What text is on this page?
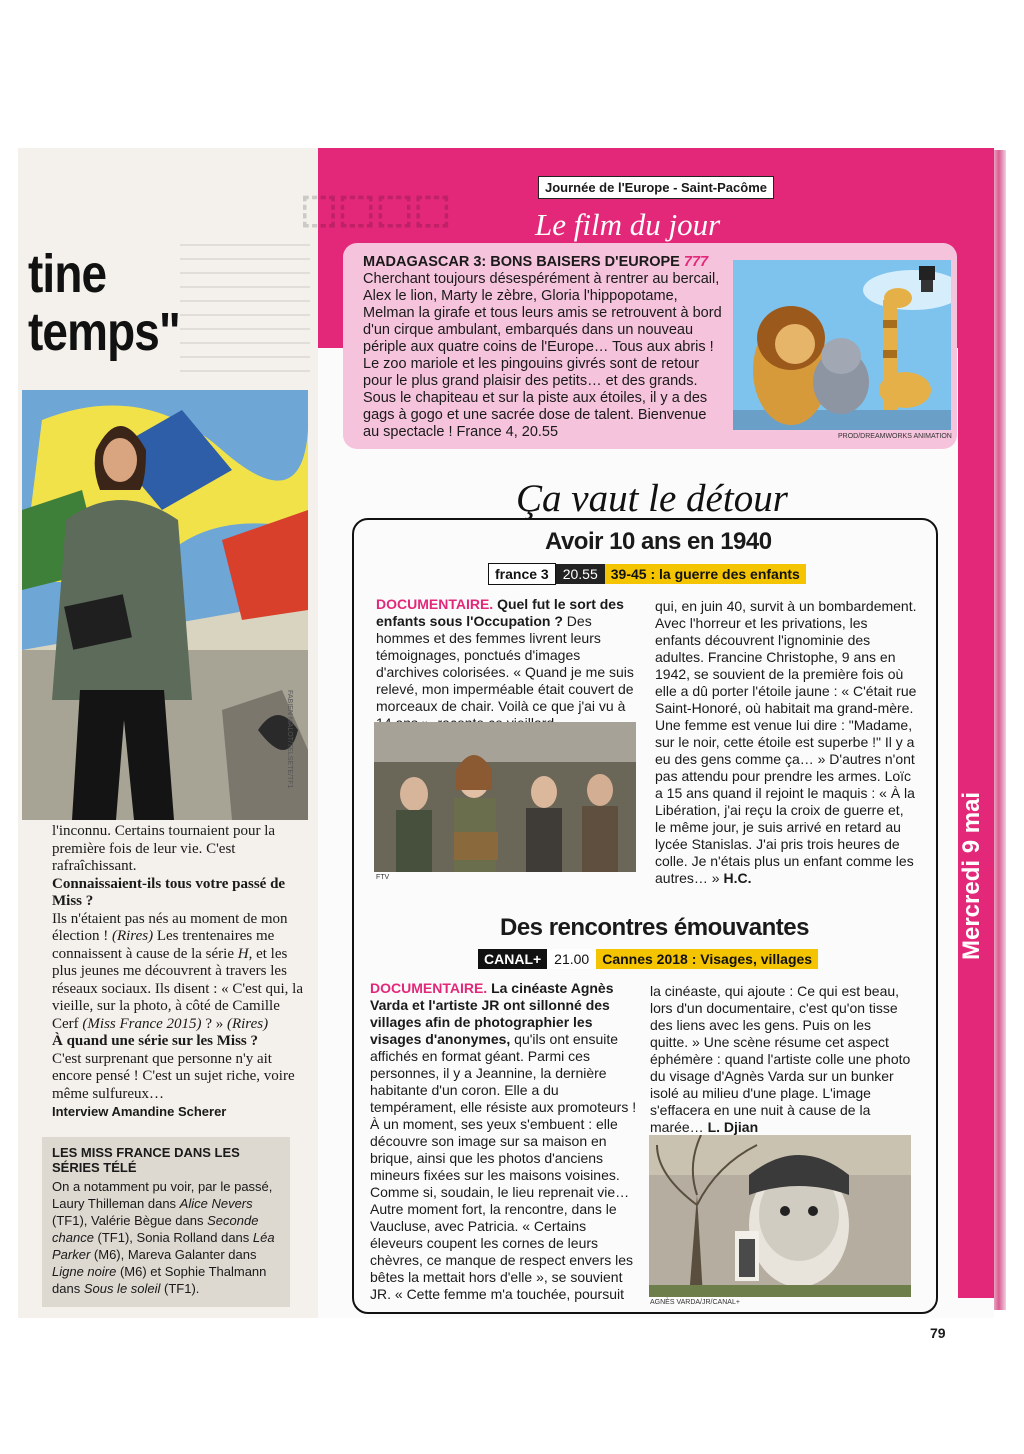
⬚⬚⬚⬚
tine
temps"
FABIEN MALOT/TELSETE/TF1
l'inconnu. Certains tournaient pour la première fois de leur vie. C'est rafraîchissant.
Connaissaient-ils tous votre passé de Miss ?
Ils n'étaient pas nés au moment de mon élection ! (Rires) Les trentenaires me connaissent à cause de la série H, et les plus jeunes me découvrent à travers les réseaux sociaux. Ils disent : « C'est qui, la vieille, sur la photo, à côté de Camille Cerf (Miss France 2015) ? » (Rires)
À quand une série sur les Miss ?
C'est surprenant que personne n'y ait encore pensé ! C'est un sujet riche, voire même sulfureux…
Interview Amandine Scherer
LES MISS FRANCE DANS LES SÉRIES TÉLÉ

On a notamment pu voir, par le passé, Laury Thilleman dans Alice Nevers (TF1), Valérie Bègue dans Seconde chance (TF1), Sonia Rolland dans Léa Parker (M6), Mareva Galanter dans Ligne noire (M6) et Sophie Thalmann dans Sous le soleil (TF1).

Journée de l'Europe - Saint-Pacôme
Le film du jour
MADAGASCAR 3: BONS BAISERS D'EUROPE 777
Cherchant toujours désespérément à rentrer au bercail, Alex le lion, Marty le zèbre, Gloria l'hippopotame, Melman la girafe et tous leurs amis se retrouvent à bord d'un cirque ambulant, embarqués dans un nouveau périple aux quatre coins de l'Europe… Tous aux abris ! Le zoo mariole et les pingouins givrés sont de retour pour le plus grand plaisir des petits… et des grands. Sous le chapiteau et sur la piste aux étoiles, il y a des gags à gogo et une sacrée dose de talent. Bienvenue au spectacle ! France 4, 20.55	PROD/DREAMWORKS ANIMATION
Ça vaut le détour
Avoir 10 ans en 1940
france 3 20.55 39-45 : la guerre des enfants
DOCUMENTAIRE. Quel fut le sort des enfants sous l'Occupation ? Des hommes et des femmes livrent leurs témoignages, ponctués d'images d'archives colorisées. « Quand je me suis relevé, mon imperméable était couvert de morceaux de chair. Voilà ce que j'ai vu à
FTV
qui, en juin 40, survit à un bombardement. Avec l'horreur et les privations, les enfants découvrent l'ignominie des adultes. Francine Christophe, 9 ans en 1942, se souvient de la première fois où elle a dû porter l'étoile jaune : « C'était rue Saint-Honoré, où habitait ma grand-mère. Une femme est venue lui dire : "Madame, sur le noir, cette étoile est superbe !" Il y a eu des gens comme ça… » D'autres n'ont pas attendu pour prendre les armes. Loïc a 15 ans quand il rejoint le maquis : « À la Libération, j'ai reçu la croix de guerre et, le même jour, je suis arrivé en retard au lycée Stanislas. J'ai pris trois heures de colle. Je n'étais plus un enfant comme les autres… » H.C.
Des rencontres émouvantes
CANAL+ 21.00 Cannes 2018 : Visages, villages
DOCUMENTAIRE. La cinéaste Agnès Varda et l'artiste JR ont sillonné des villages afin de photographier les visages d'anonymes, qu'ils ont ensuite affichés en format géant. Parmi ces personnes, il y a Jeannine, la dernière habitante d'un coron. Elle a du tempérament, elle résiste aux promoteurs ! À un moment, ses yeux s'embuent : elle découvre son image sur sa maison en brique, ainsi que les photos d'anciens mineurs fixées sur les maisons voisines. Comme si, soudain, le lieu reprenait vie… Autre moment fort, la rencontre, dans le Vaucluse, avec Patricia. « Certains éleveurs coupent les cornes de leurs chèvres, ce manque de respect envers les bêtes la mettait hors d'elle », se souvient JR. « Cette femme m'a touchée, poursuit
la cinéaste, qui ajoute : Ce qui est beau, lors d'un documentaire, c'est qu'on tisse des liens avec les gens. Puis on les quitte. » Une scène résume cet aspect éphémère : quand l'artiste colle une photo du visage d'Agnès Varda sur un bunker isolé au milieu d'une plage. L'image s'effacera en une nuit à cause de la marée… L. Djian
AGNÈS VARDA/JR/CANAL+
Mercredi 9 mai
79
